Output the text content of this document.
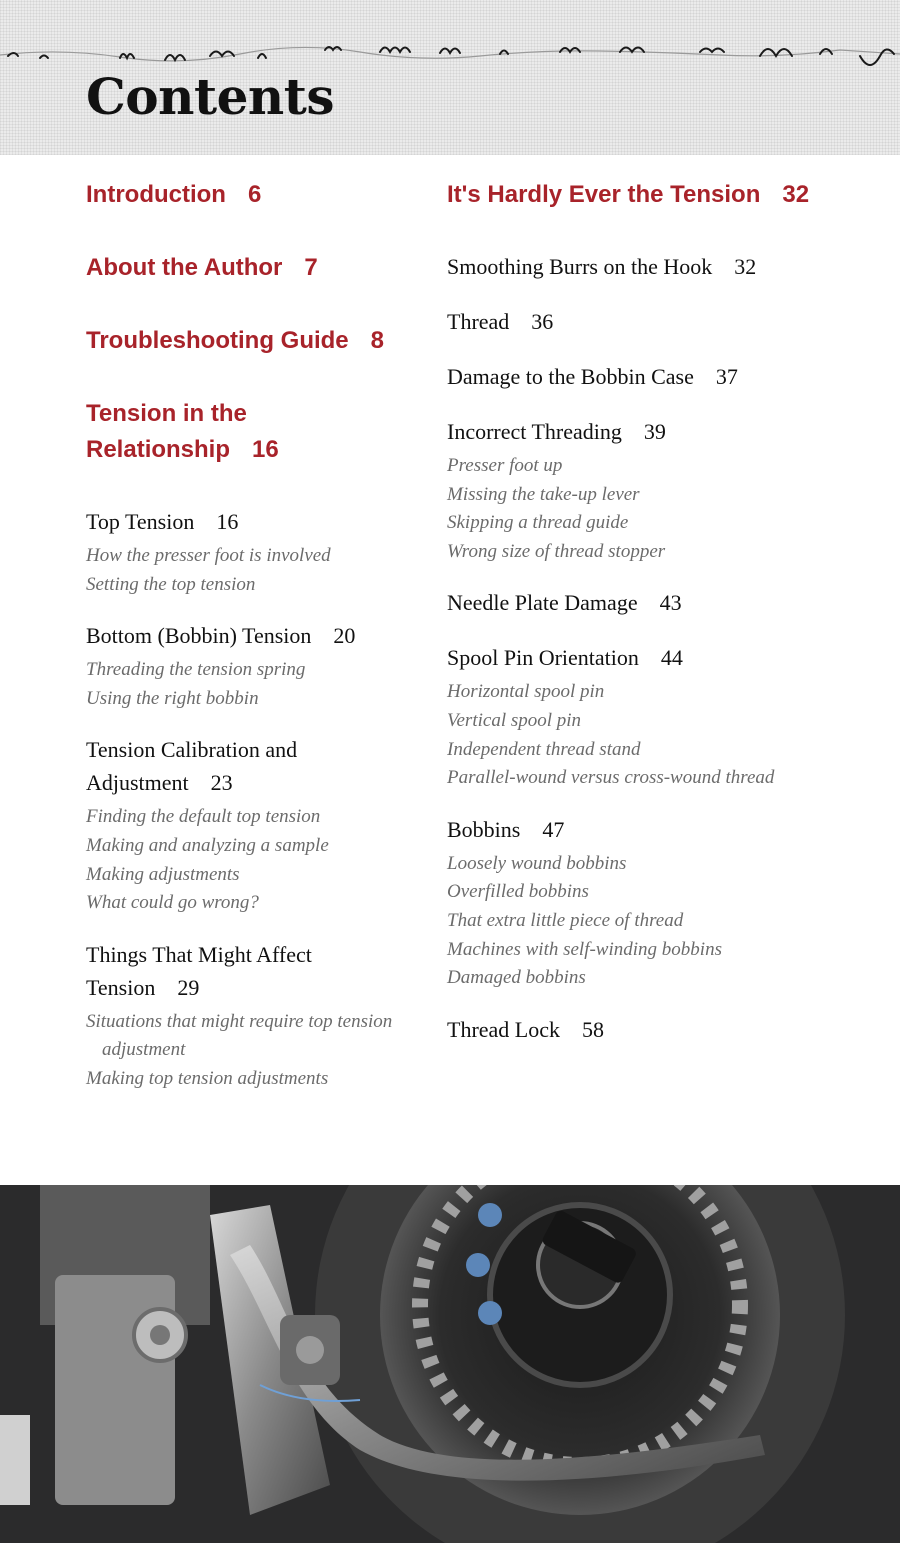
Contents
Introduction 6
About the Author 7
Troubleshooting Guide 8
Tension in the Relationship 16
Top Tension 16
How the presser foot is involved
Setting the top tension
Bottom (Bobbin) Tension 20
Threading the tension spring
Using the right bobbin
Tension Calibration and Adjustment 23
Finding the default top tension
Making and analyzing a sample
Making adjustments
What could go wrong?
Things That Might Affect Tension 29
Situations that might require top tension adjustment
Making top tension adjustments
It's Hardly Ever the Tension 32
Smoothing Burrs on the Hook 32
Thread 36
Damage to the Bobbin Case 37
Incorrect Threading 39
Presser foot up
Missing the take-up lever
Skipping a thread guide
Wrong size of thread stopper
Needle Plate Damage 43
Spool Pin Orientation 44
Horizontal spool pin
Vertical spool pin
Independent thread stand
Parallel-wound versus cross-wound thread
Bobbins 47
Loosely wound bobbins
Overfilled bobbins
That extra little piece of thread
Machines with self-winding bobbins
Damaged bobbins
Thread Lock 58
